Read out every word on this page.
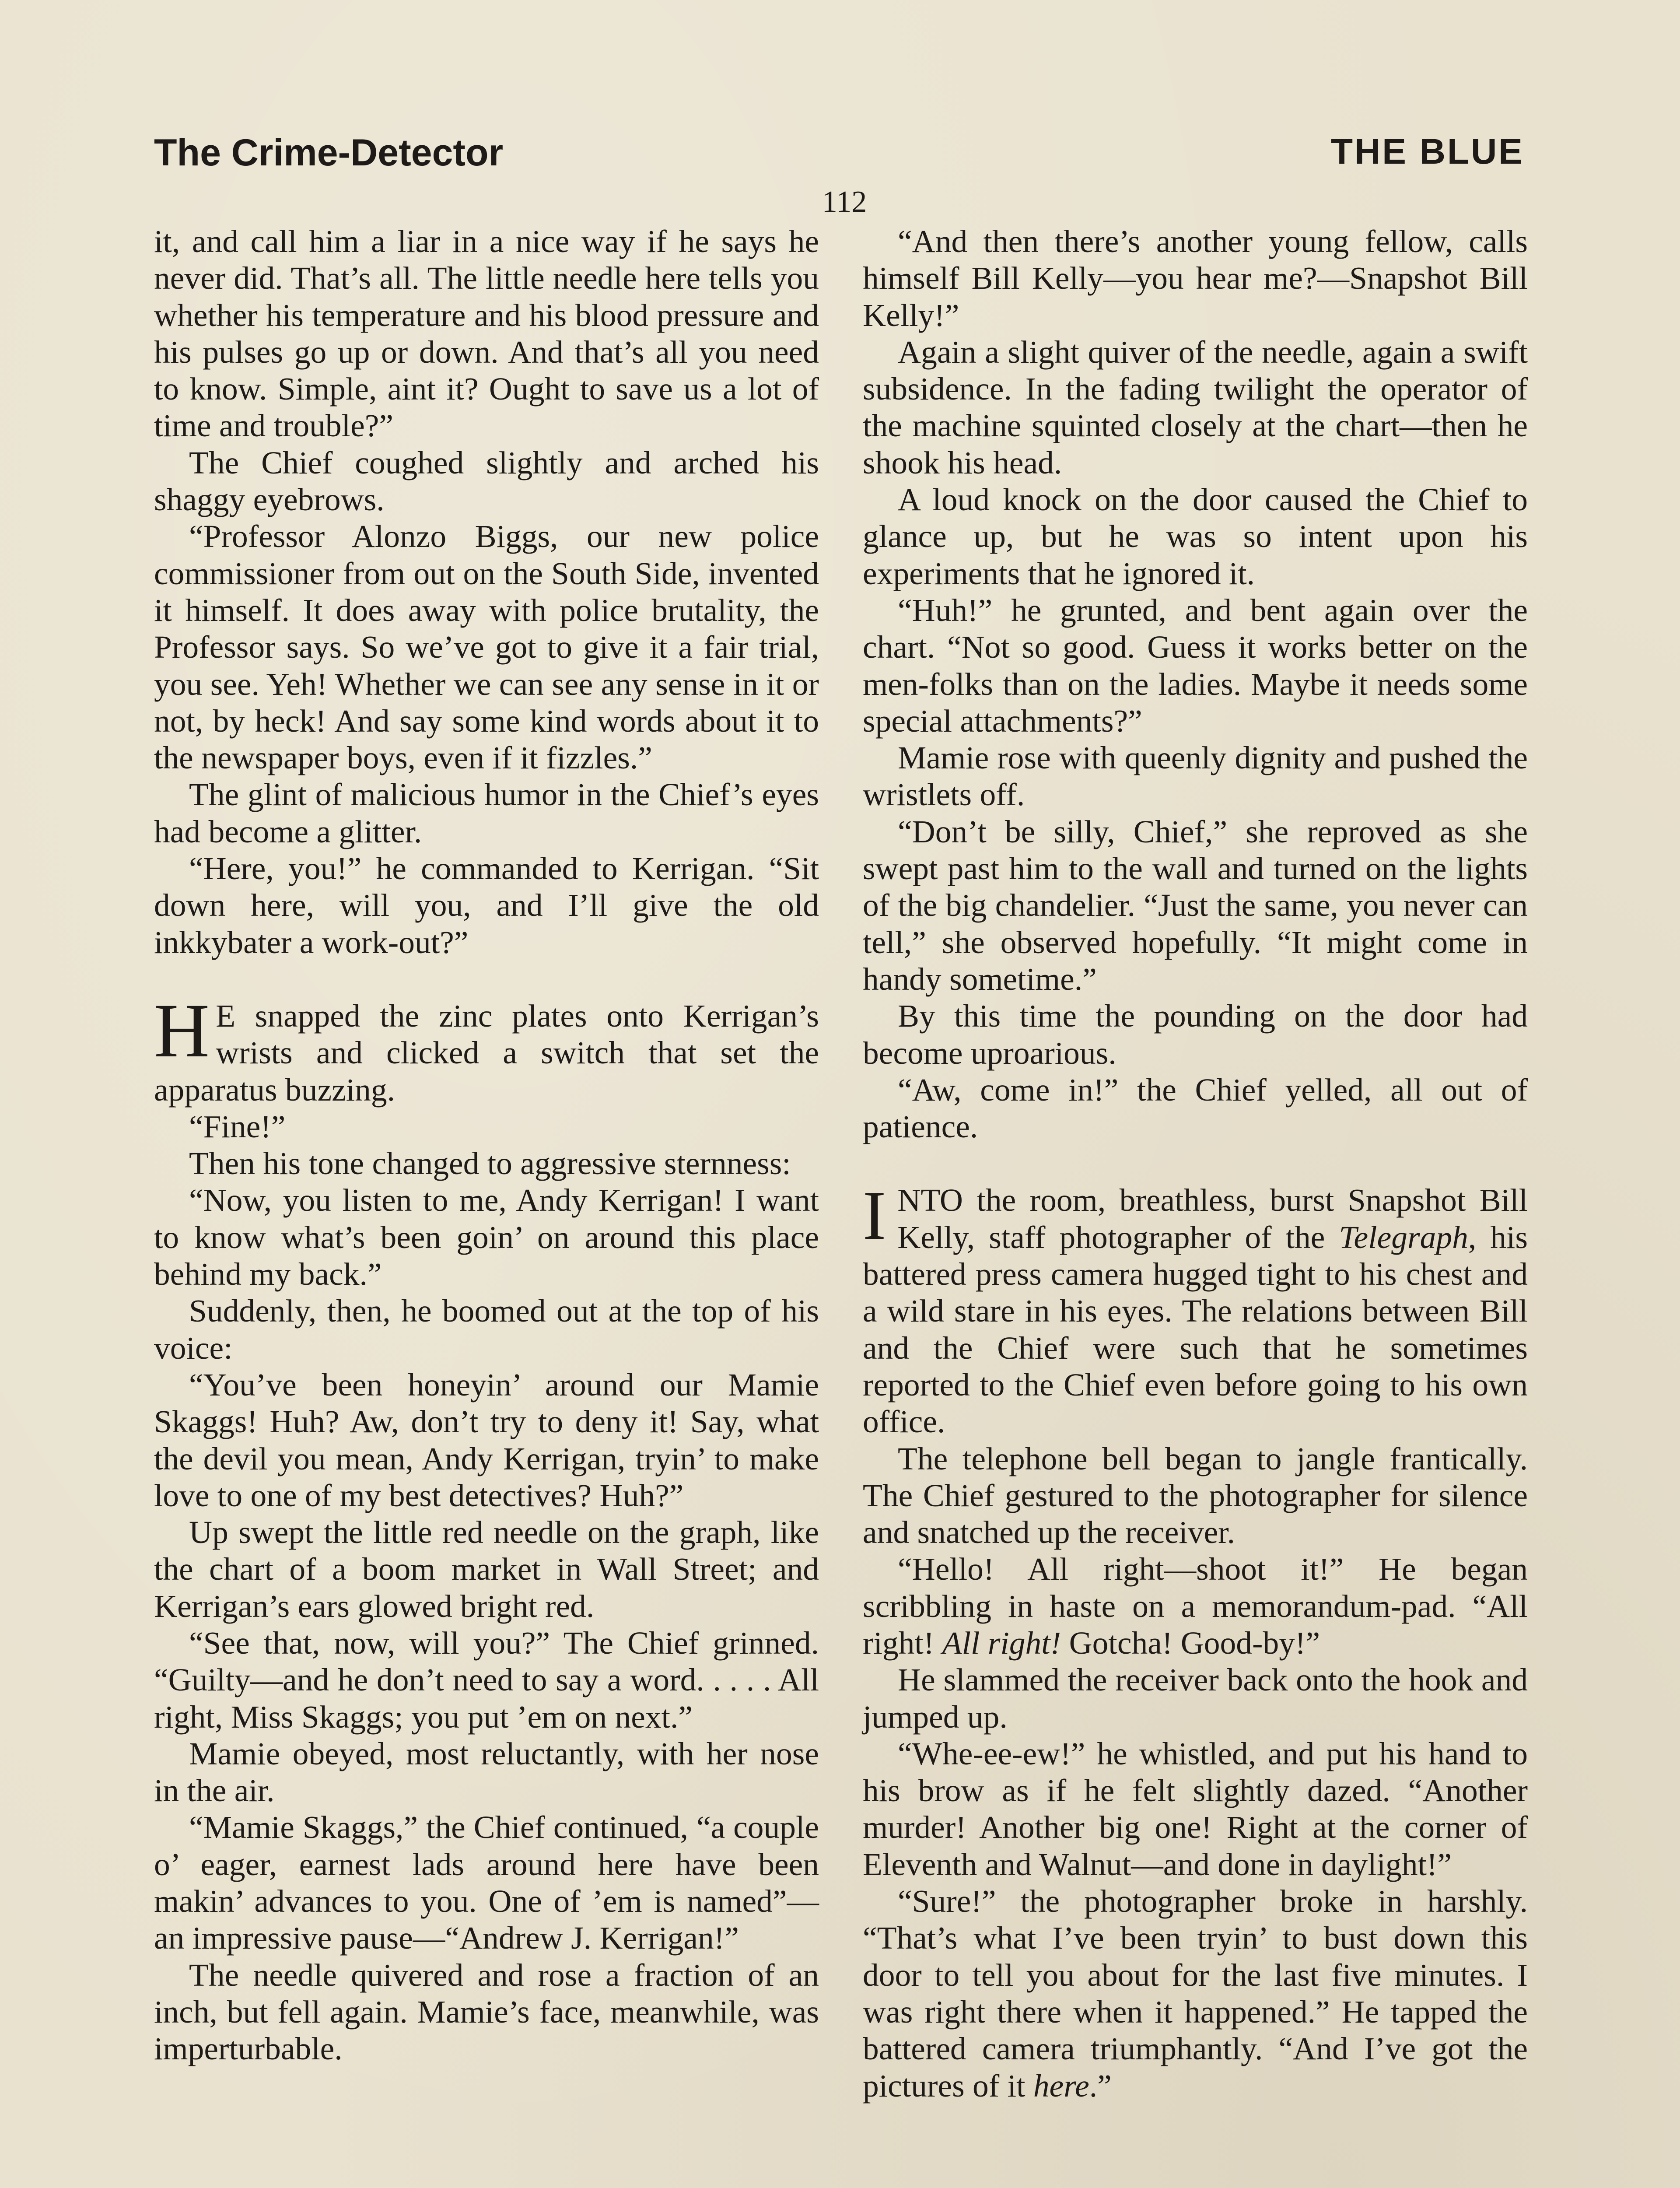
The Crime-Detector	THE BLUE
112

it, and call him a liar in a nice way if he says he never did. That’s all. The little needle here tells you whether his temperature and his blood pressure and his pulses go up or down. And that’s all you need to know. Simple, aint it? Ought to save us a lot of time and trouble?”

The Chief coughed slightly and arched his shaggy eyebrows.

“Professor Alonzo Biggs, our new police commissioner from out on the South Side, invented it himself. It does away with police brutality, the Professor says. So we’ve got to give it a fair trial, you see. Yeh! Whether we can see any sense in it or not, by heck! And say some kind words about it to the newspaper boys, even if it fizzles.”

The glint of malicious humor in the Chief’s eyes had become a glitter.

“Here, you!” he commanded to Kerrigan. “Sit down here, will you, and I’ll give the old inkkybater a work-out?”

H E snapped the zinc plates onto Kerrigan’s wrists and clicked a switch that set the apparatus buzzing.

“Fine!”

Then his tone changed to aggressive sternness:

“Now, you listen to me, Andy Kerrigan! I want to know what’s been goin’ on around this place behind my back.”

Suddenly, then, he boomed out at the top of his voice:

“You’ve been honeyin’ around our Mamie Skaggs! Huh? Aw, don’t try to deny it! Say, what the devil you mean, Andy Kerrigan, tryin’ to make love to one of my best detectives? Huh?”

Up swept the little red needle on the graph, like the chart of a boom market in Wall Street; and Kerrigan’s ears glowed bright red.

“See that, now, will you?” The Chief grinned. “Guilty—and he don’t need to say a word. . . . . All right, Miss Skaggs; you put ’em on next.”

Mamie obeyed, most reluctantly, with her nose in the air.

“Mamie Skaggs,” the Chief continued, “a couple o’ eager, earnest lads around here have been makin’ advances to you. One of ’em is named”—an impressive pause—“Andrew J. Kerrigan!”

The needle quivered and rose a fraction of an inch, but fell again. Mamie’s face, meanwhile, was imperturbable.

“And then there’s another young fellow, calls himself Bill Kelly—you hear me?—Snapshot Bill Kelly!”

Again a slight quiver of the needle, again a swift subsidence. In the fading twilight the operator of the machine squinted closely at the chart—then he shook his head.

A loud knock on the door caused the Chief to glance up, but he was so intent upon his experiments that he ignored it.

“Huh!” he grunted, and bent again over the chart. “Not so good. Guess it works better on the men-folks than on the ladies. Maybe it needs some special attachments?”

Mamie rose with queenly dignity and pushed the wristlets off.

“Don’t be silly, Chief,” she reproved as she swept past him to the wall and turned on the lights of the big chandelier. “Just the same, you never can tell,” she observed hopefully. “It might come in handy sometime.”

By this time the pounding on the door had become uproarious.

“Aw, come in!” the Chief yelled, all out of patience.

INTO the room, breathless, burst Snapshot Bill Kelly, staff photographer of the Telegraph, his battered press camera hugged tight to his chest and a wild stare in his eyes. The relations between Bill and the Chief were such that he sometimes reported to the Chief even before going to his own office.

The telephone bell began to jangle frantically. The Chief gestured to the photographer for silence and snatched up the receiver.

“Hello! All right—shoot it!” He began scribbling in haste on a memorandum-pad. “All right! All right! Gotcha! Good-by!”

He slammed the receiver back onto the hook and jumped up.

“Whe-ee-ew!” he whistled, and put his hand to his brow as if he felt slightly dazed. “Another murder! Another big one! Right at the corner of Eleventh and Walnut—and done in daylight!”

“Sure!” the photographer broke in harshly. “That’s what I’ve been tryin’ to bust down this door to tell you about for the last five minutes. I was right there when it happened.” He tapped the battered camera triumphantly. “And I’ve got the pictures of it here.”
